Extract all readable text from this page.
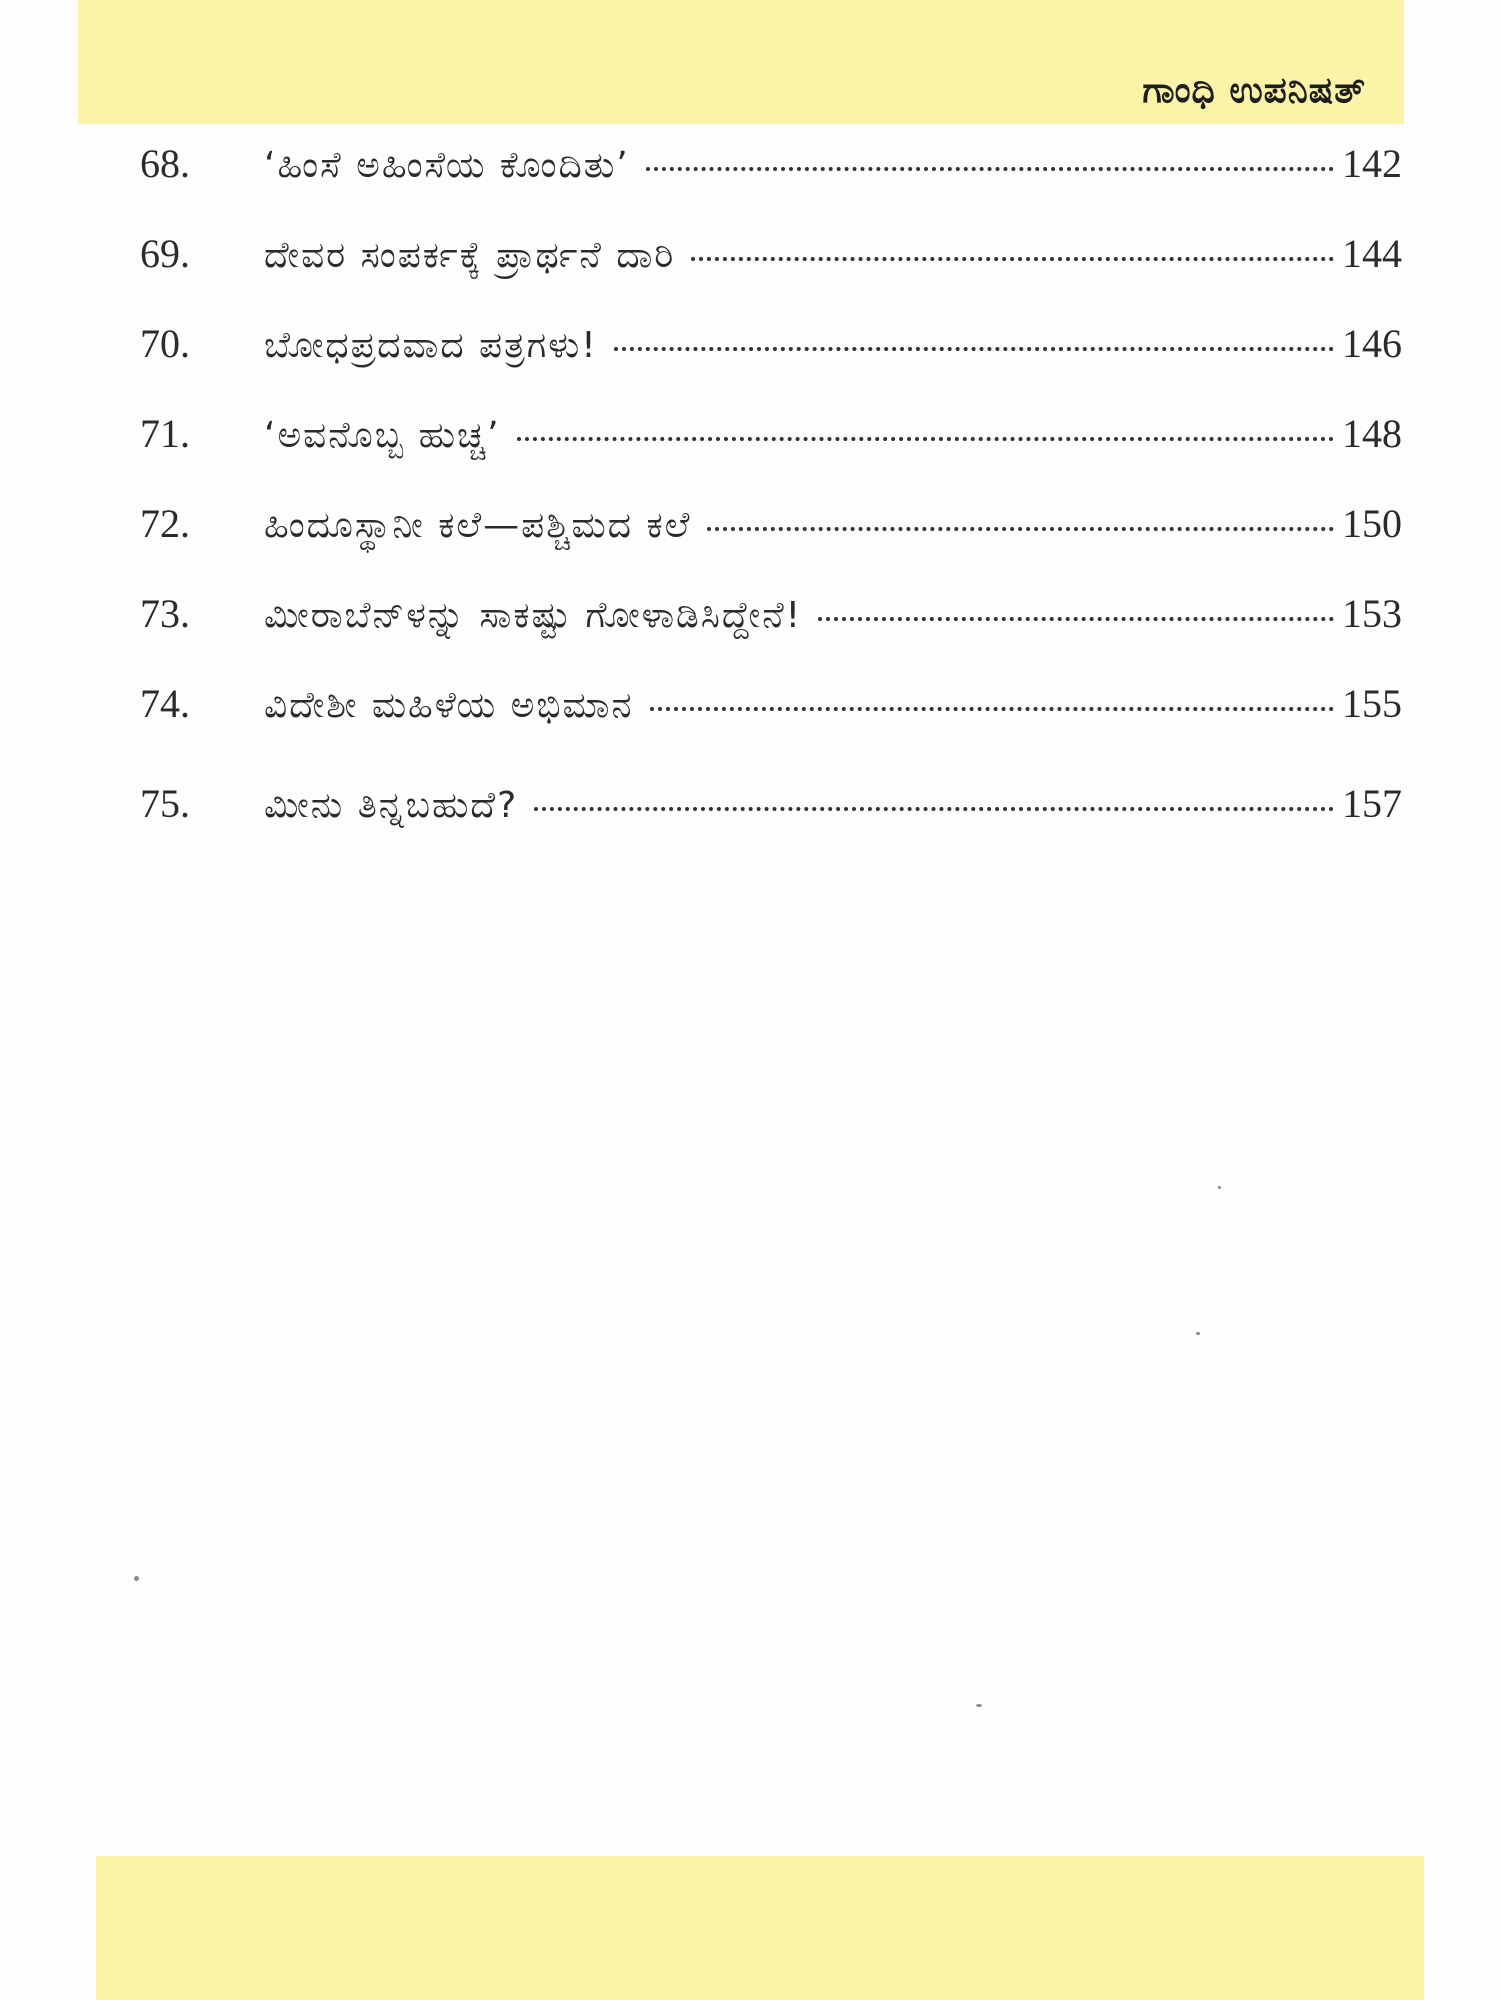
ಗಾಂಧಿ ಉಪನಿಷತ್
68.	‘ಹಿಂಸೆ ಅಹಿಂಸೆಯ ಕೊಂದಿತು’	142
69.	ದೇವರ ಸಂಪರ್ಕಕ್ಕೆ ಪ್ರಾರ್ಥನೆ ದಾರಿ	144
70.	ಬೋಧಪ್ರದವಾದ ಪತ್ರಗಳು!	146
71.	‘ಅವನೊಬ್ಬ ಹುಚ್ಚ’	148
72.	ಹಿಂದೂಸ್ಥಾನೀ ಕಲೆ—ಪಶ್ಚಿಮದ ಕಲೆ	150
73.	ಮೀರಾಬೆನ್‌ಳನ್ನು ಸಾಕಷ್ಟು ಗೋಳಾಡಿಸಿದ್ದೇನೆ!	153
74.	ವಿದೇಶೀ ಮಹಿಳೆಯ ಅಭಿಮಾನ	155
75.	ಮೀನು ತಿನ್ನಬಹುದೆ?	157
